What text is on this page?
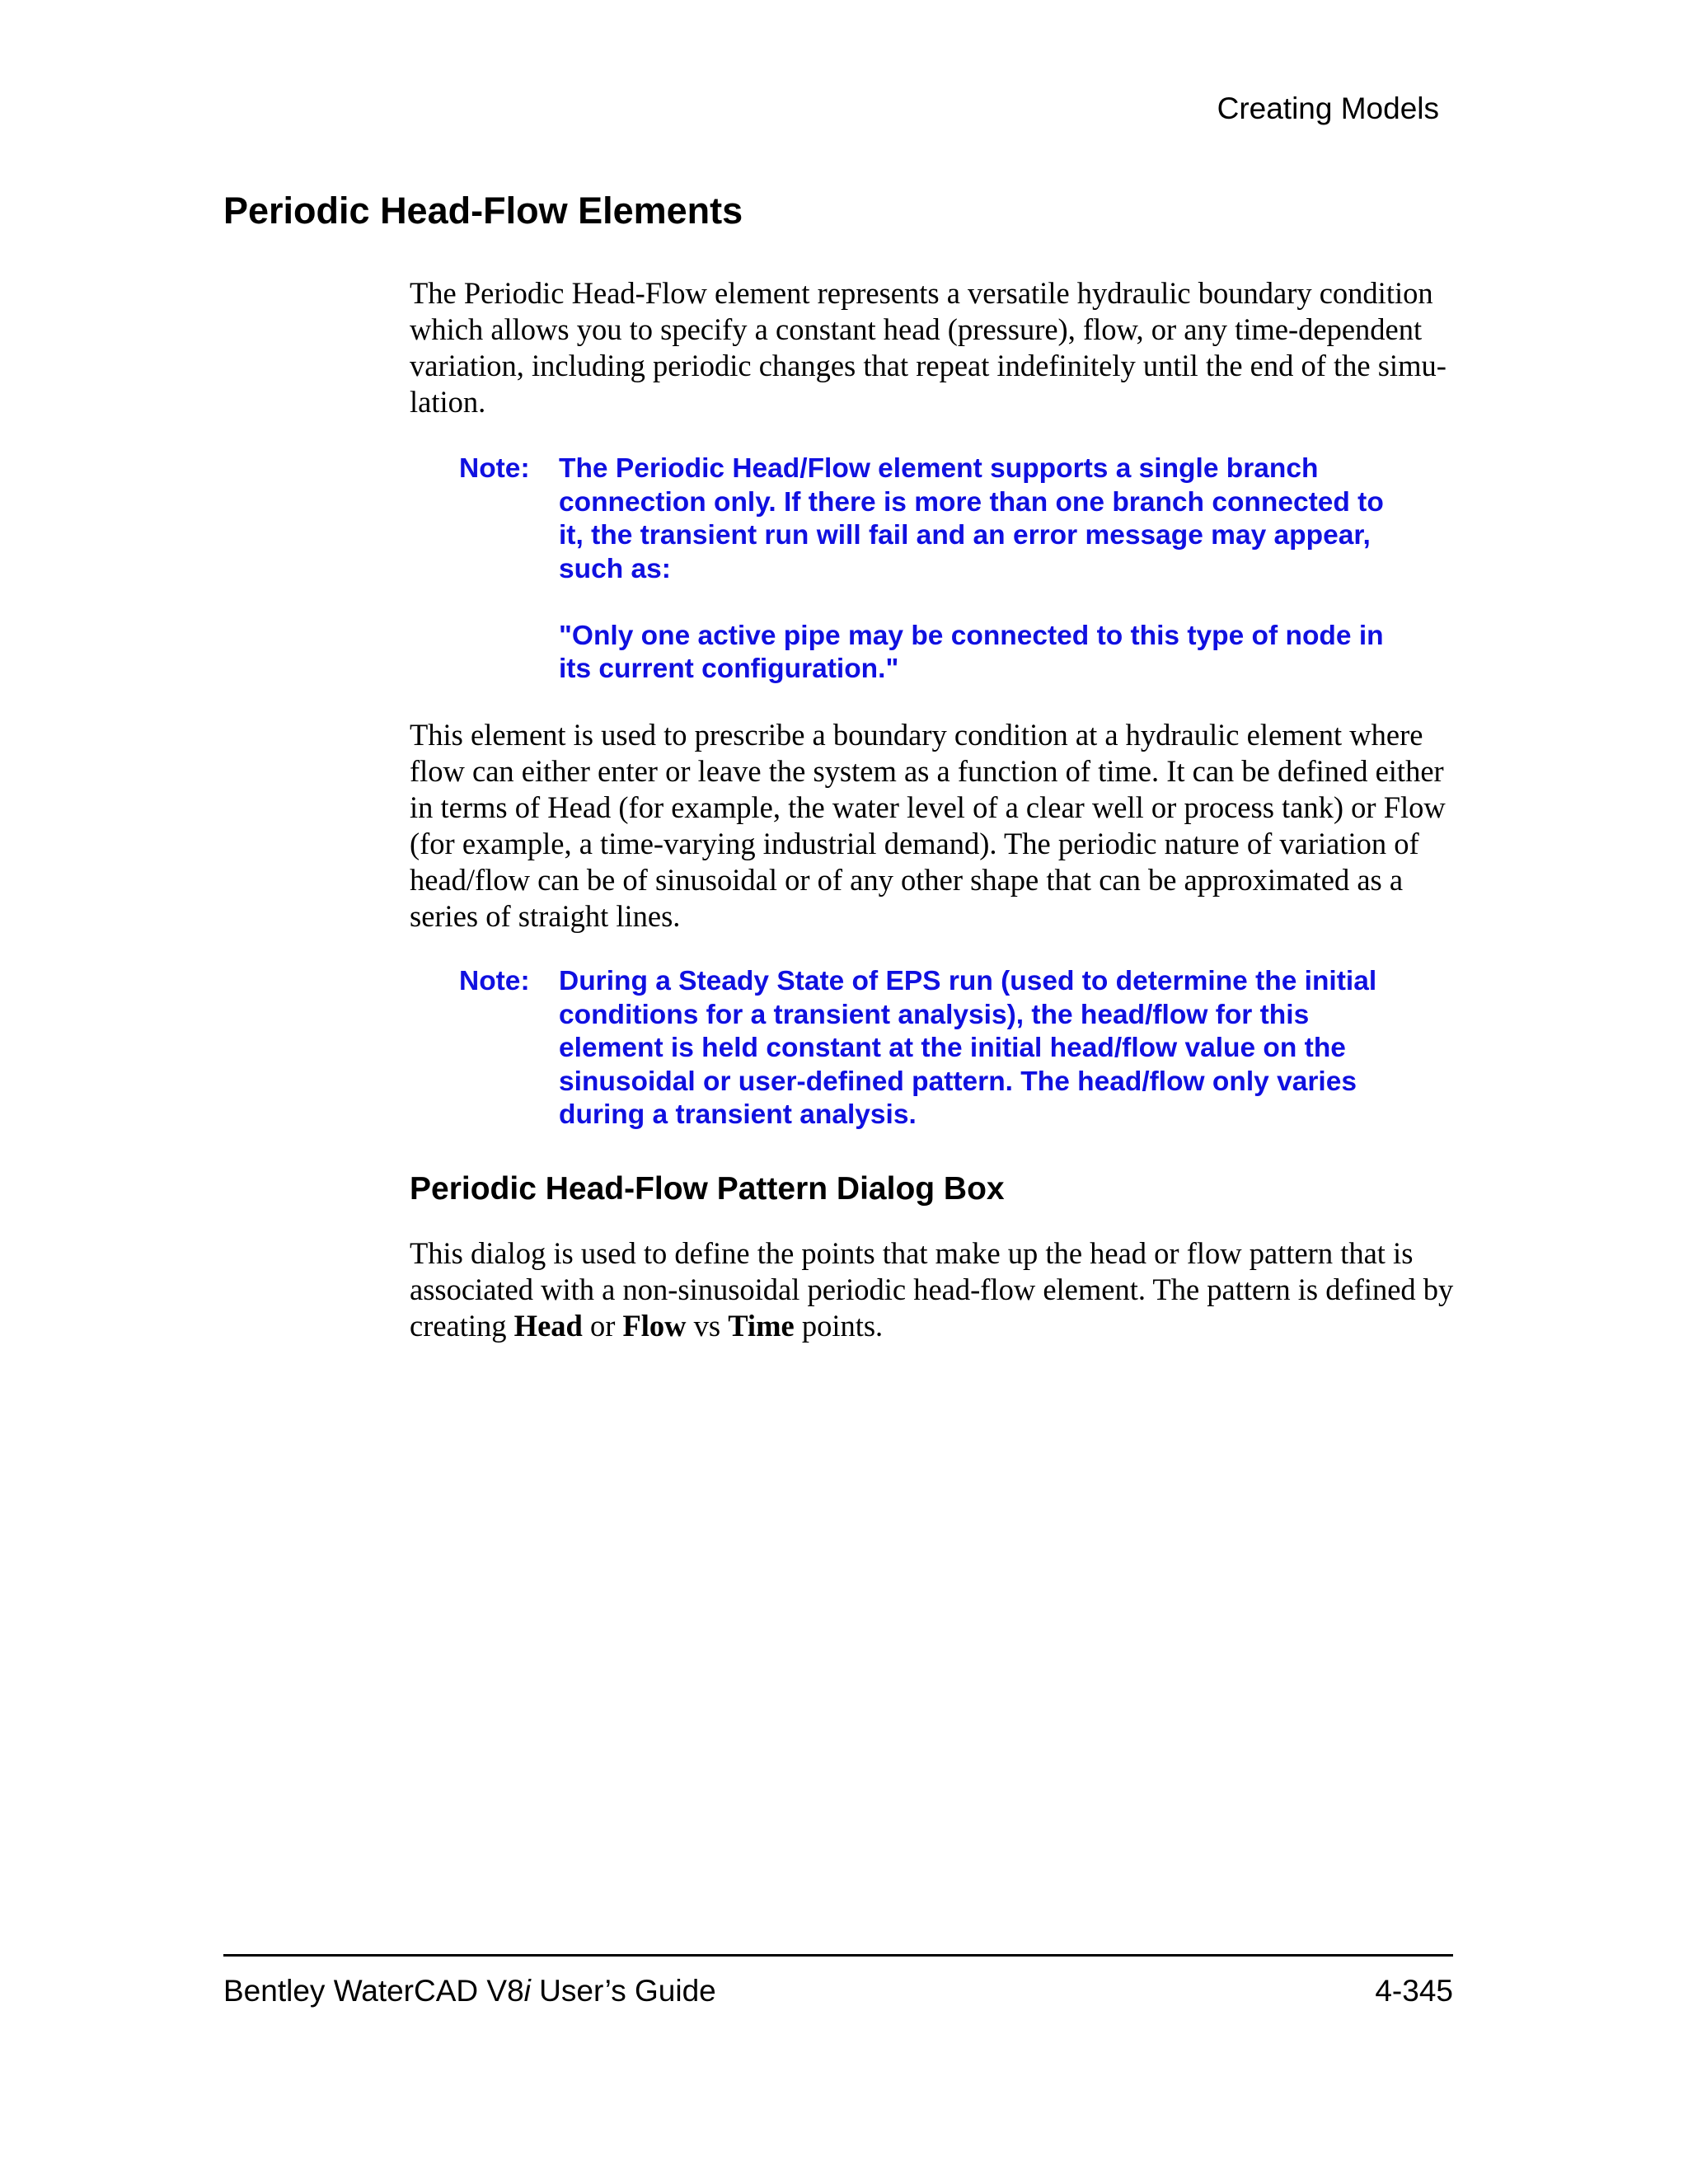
Creating Models
Periodic Head-Flow Elements

The Periodic Head-Flow element represents a versatile hydraulic boundary condition which allows you to specify a constant head (pressure), flow, or any time-dependent variation, including periodic changes that repeat indefinitely until the end of the simu-lation.

Note:	The Periodic Head/Flow element supports a single branch connection only. If there is more than one branch connected to it, the transient run will fail and an error message may appear, such as:

"Only one active pipe may be connected to this type of node in its current configuration."

This element is used to prescribe a boundary condition at a hydraulic element where flow can either enter or leave the system as a function of time. It can be defined either in terms of Head (for example, the water level of a clear well or process tank) or Flow (for example, a time-varying industrial demand). The periodic nature of variation of head/flow can be of sinusoidal or of any other shape that can be approximated as a series of straight lines.

Note:	During a Steady State of EPS run (used to determine the initial conditions for a transient analysis), the head/flow for this element is held constant at the initial head/flow value on the sinusoidal or user-defined pattern. The head/flow only varies during a transient analysis.

Periodic Head-Flow Pattern Dialog Box

This dialog is used to define the points that make up the head or flow pattern that is associated with a non-sinusoidal periodic head-flow element. The pattern is defined by creating Head or Flow vs Time points.

Bentley WaterCAD V8i User’s Guide	4-345
